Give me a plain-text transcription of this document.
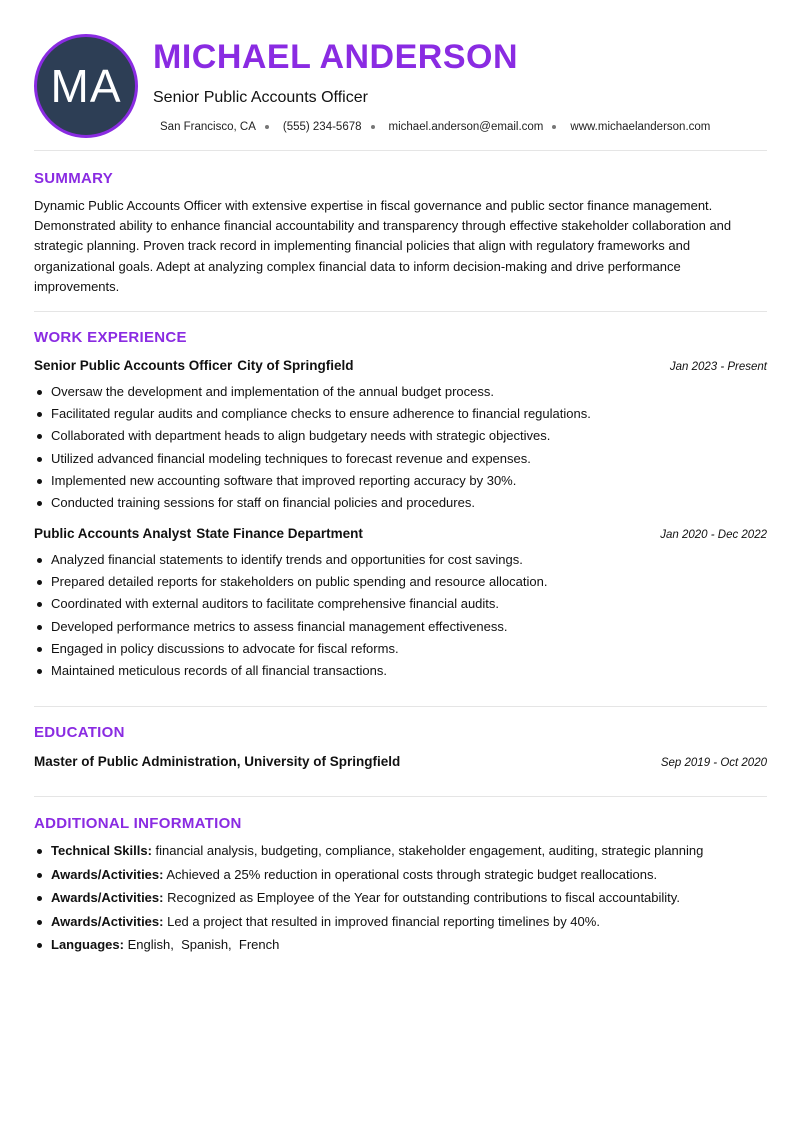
MA
MICHAEL ANDERSON
Senior Public Accounts Officer
San Francisco, CA (555) 234-5678 michael.anderson@email.com www.michaelanderson.com
SUMMARY

Dynamic Public Accounts Officer with extensive expertise in fiscal governance and public sector finance management. Demonstrated ability to enhance financial accountability and transparency through effective stakeholder collaboration and strategic planning. Proven track record in implementing financial policies that align with regulatory frameworks and organizational goals. Adept at analyzing complex financial data to inform decision-making and drive performance improvements.

WORK EXPERIENCE
Senior Public Accounts Officer City of Springfield	Jan 2023 - Present
Oversaw the development and implementation of the annual budget process.
Facilitated regular audits and compliance checks to ensure adherence to financial regulations.
Collaborated with department heads to align budgetary needs with strategic objectives.
Utilized advanced financial modeling techniques to forecast revenue and expenses.
Implemented new accounting software that improved reporting accuracy by 30%.
Conducted training sessions for staff on financial policies and procedures.
Public Accounts Analyst State Finance Department	Jan 2020 - Dec 2022
Analyzed financial statements to identify trends and opportunities for cost savings.
Prepared detailed reports for stakeholders on public spending and resource allocation.
Coordinated with external auditors to facilitate comprehensive financial audits.
Developed performance metrics to assess financial management effectiveness.
Engaged in policy discussions to advocate for fiscal reforms.
Maintained meticulous records of all financial transactions.
EDUCATION
Master of Public Administration, University of Springfield	Sep 2019 - Oct 2020
ADDITIONAL INFORMATION
Technical Skills: financial analysis, budgeting, compliance, stakeholder engagement, auditing, strategic planning
Awards/Activities: Achieved a 25% reduction in operational costs through strategic budget reallocations.
Awards/Activities: Recognized as Employee of the Year for outstanding contributions to fiscal accountability.
Awards/Activities: Led a project that resulted in improved financial reporting timelines by 40%.
Languages: English,  Spanish,  French
